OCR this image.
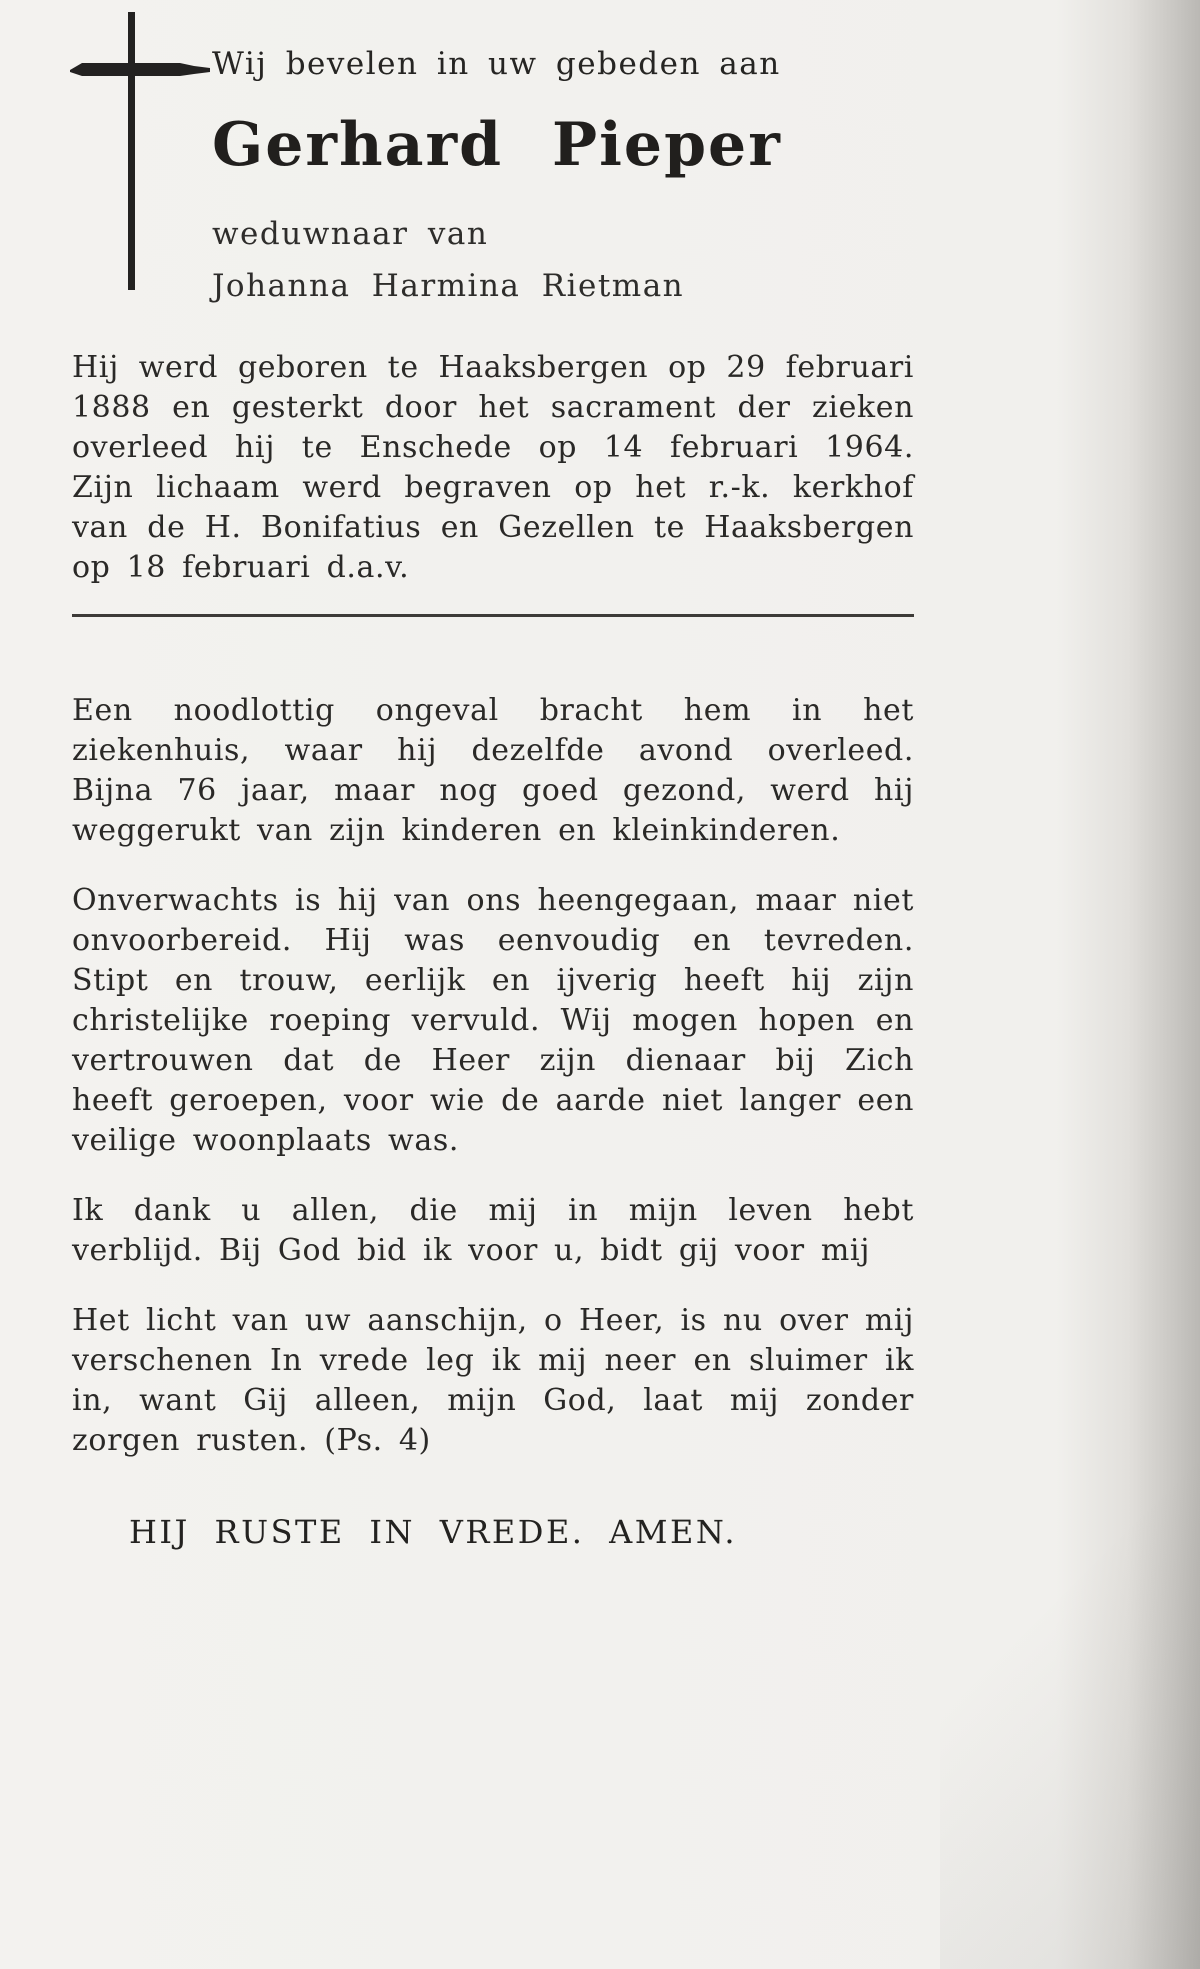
Wij bevelen in uw gebeden aan
Gerhard Pieper
weduwnaar van
Johanna Harmina Rietman

Hij werd geboren te Haaksbergen op 29 februari 1888 en gesterkt door het sacrament der zieken overleed hij te Enschede op 14 februari 1964. Zijn lichaam werd begraven op het r.-k. kerkhof van de H. Bonifatius en Gezellen te Haaksbergen op 18 februari d.a.v.

Een noodlottig ongeval bracht hem in het ziekenhuis, waar hij dezelfde avond overleed. Bijna 76 jaar, maar nog goed gezond, werd hij weggerukt van zijn kinderen en kleinkinderen.

Onverwachts is hij van ons heengegaan, maar niet onvoorbereid. Hij was eenvoudig en tevreden. Stipt en trouw, eerlijk en ijverig heeft hij zijn christelijke roeping vervuld. Wij mogen hopen en vertrouwen dat de Heer zijn dienaar bij Zich heeft geroepen, voor wie de aarde niet langer een veilige woonplaats was.

Ik dank u allen, die mij in mijn leven hebt verblijd. Bij God bid ik voor u, bidt gij voor mij

Het licht van uw aanschijn, o Heer, is nu over mij verschenen In vrede leg ik mij neer en sluimer ik in, want Gij alleen, mijn God, laat mij zonder zorgen rusten. (Ps. 4)

HIJ RUSTE IN VREDE. AMEN.
